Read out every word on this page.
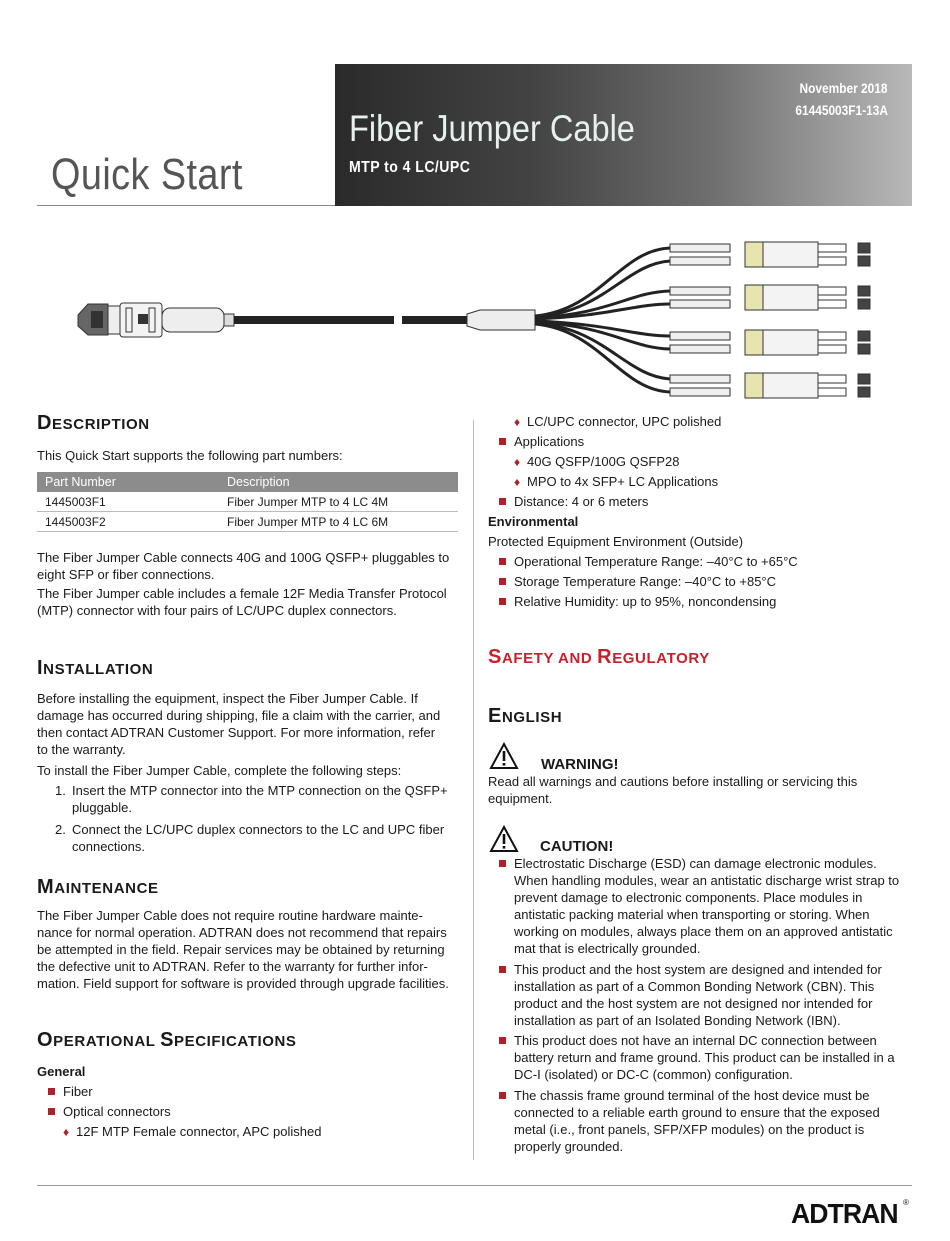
Quick Start
November 2018
61445003F1-13A
Fiber Jumper Cable
MTP to 4 LC/UPC
DESCRIPTION
This Quick Start supports the following part numbers:
Part Number	Description
1445003F1	Fiber Jumper MTP to 4 LC 4M
1445003F2	Fiber Jumper MTP to 4 LC 6M
The Fiber Jumper Cable connects 40G and 100G QSFP+ pluggables to
eight SFP or fiber connections.
The Fiber Jumper cable includes a female 12F Media Transfer Protocol
(MTP) connector with four pairs of LC/UPC duplex connectors.
INSTALLATION
Before installing the equipment, inspect the Fiber Jumper Cable. If
damage has occurred during shipping, file a claim with the carrier, and
then contact ADTRAN Customer Support. For more information, refer
to the warranty.
To install the Fiber Jumper Cable, complete the following steps:
1. Insert the MTP connector into the MTP connection on the QSFP+
pluggable.
2. Connect the LC/UPC duplex connectors to the LC and UPC fiber
connections.
MAINTENANCE
The Fiber Jumper Cable does not require routine hardware mainte-
nance for normal operation. ADTRAN does not recommend that repairs
be attempted in the field. Repair services may be obtained by returning
the defective unit to ADTRAN. Refer to the warranty for further infor-
mation. Field support for software is provided through upgrade facilities.
OPERATIONAL SPECIFICATIONS
General
Fiber
Optical connectors
♦ 12F MTP Female connector, APC polished
♦ LC/UPC connector, UPC polished
Applications
♦ 40G QSFP/100G QSFP28
♦ MPO to 4x SFP+ LC Applications
Distance: 4 or 6 meters
Environmental
Protected Equipment Environment (Outside)
Operational Temperature Range: –40°C to +65°C
Storage Temperature Range: –40°C to +85°C
Relative Humidity: up to 95%, noncondensing
SAFETY AND REGULATORY
ENGLISH
WARNING!
Read all warnings and cautions before installing or servicing this
equipment.
CAUTION!
Electrostatic Discharge (ESD) can damage electronic modules.
When handling modules, wear an antistatic discharge wrist strap to
prevent damage to electronic components. Place modules in
antistatic packing material when transporting or storing. When
working on modules, always place them on an approved antistatic
mat that is electrically grounded.
This product and the host system are designed and intended for
installation as part of a Common Bonding Network (CBN). This
product and the host system are not designed nor intended for
installation as part of an Isolated Bonding Network (IBN).
This product does not have an internal DC connection between
battery return and frame ground. This product can be installed in a
DC-I (isolated) or DC-C (common) configuration.
The chassis frame ground terminal of the host device must be
connected to a reliable earth ground to ensure that the exposed
metal (i.e., front panels, SFP/XFP modules) on the product is
properly grounded.
ADTRAN ®
